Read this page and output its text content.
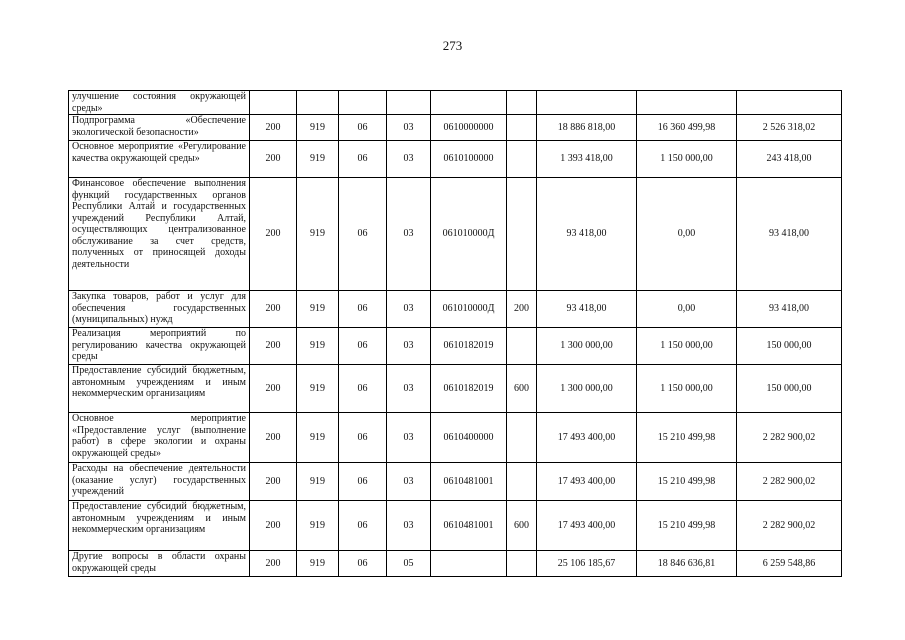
273
улучшение состояния окружающей среды»									
Подпрограмма «Обеспечение экологической безопасности»	200	919	06	03	0610000000		18 886 818,00	16 360 499,98	2 526 318,02
Основное мероприятие «Регулирование качества окружающей среды»	200	919	06	03	0610100000		1 393 418,00	1 150 000,00	243 418,00
Финансовое обеспечение выполнения функций государственных органов Республики Алтай и государственных учреждений Республики Алтай, осуществляющих централизованное обслуживание за счет средств, полученных от приносящей доходы деятельности	200	919	06	03	061010000Д		93 418,00	0,00	93 418,00
Закупка товаров, работ и услуг для обеспечения государственных (муниципальных) нужд	200	919	06	03	061010000Д	200	93 418,00	0,00	93 418,00
Реализация мероприятий по регулированию качества окружающей среды	200	919	06	03	0610182019		1 300 000,00	1 150 000,00	150 000,00
Предоставление субсидий бюджетным, автономным учреждениям и иным некоммерческим организациям	200	919	06	03	0610182019	600	1 300 000,00	1 150 000,00	150 000,00
Основное мероприятие «Предоставление услуг (выполнение работ) в сфере экологии и охраны окружающей среды»	200	919	06	03	0610400000		17 493 400,00	15 210 499,98	2 282 900,02
Расходы на обеспечение деятельности (оказание услуг) государственных учреждений	200	919	06	03	0610481001		17 493 400,00	15 210 499,98	2 282 900,02
Предоставление субсидий бюджетным, автономным учреждениям и иным некоммерческим организациям	200	919	06	03	0610481001	600	17 493 400,00	15 210 499,98	2 282 900,02
Другие вопросы в области охраны окружающей среды	200	919	06	05			25 106 185,67	18 846 636,81	6 259 548,86
